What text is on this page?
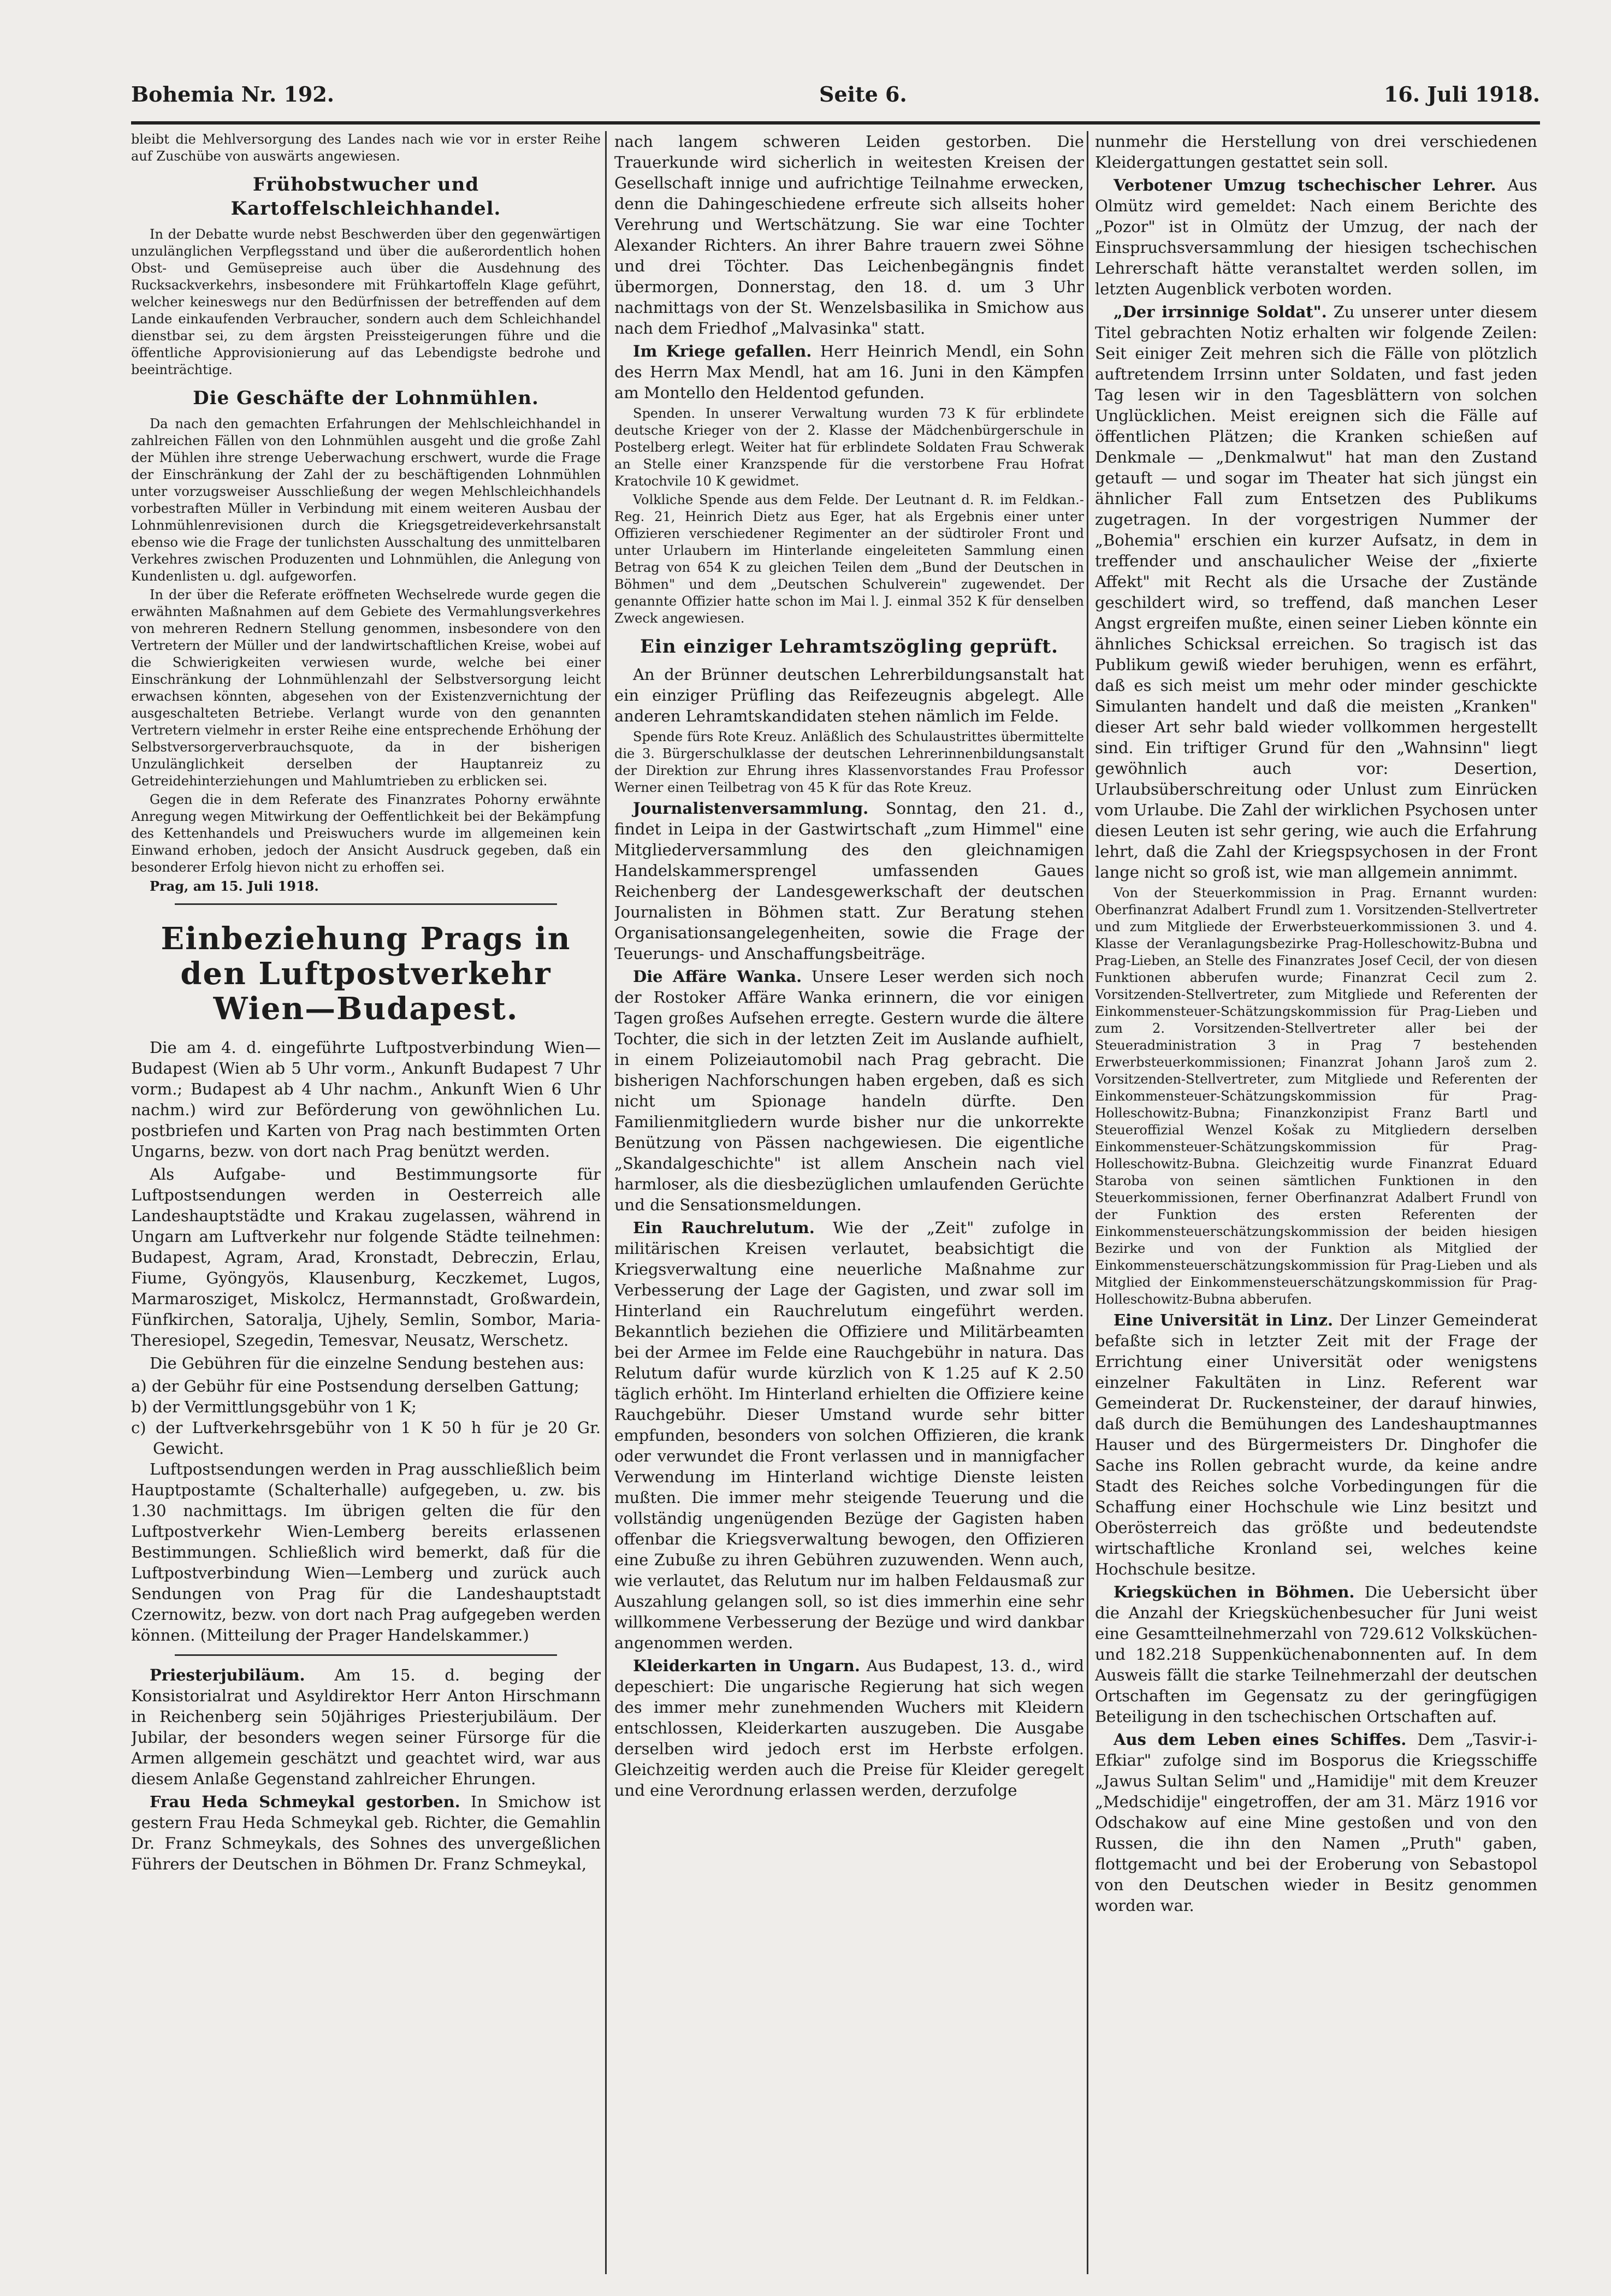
Bohemia Nr. 192.	Seite 6.	16. Juli 1918.

bleibt die Mehlversorgung des Landes nach wie vor in erster Reihe auf Zuschübe von auswärts angewiesen.

Frühobstwucher und Kartoffelschleichhandel.

In der Debatte wurde nebst Beschwerden über den gegenwärtigen unzulänglichen Verpflegsstand und über die außerordentlich hohen Obst- und Gemüsepreise auch über die Ausdehnung des Rucksackverkehrs, insbesondere mit Frühkartoffeln Klage geführt, welcher keineswegs nur den Bedürfnissen der betreffenden auf dem Lande einkaufenden Verbraucher, sondern auch dem Schleichhandel dienstbar sei, zu dem ärgsten Preissteigerungen führe und die öffentliche Approvisionierung auf das Lebendigste bedrohe und beeinträchtige.

Die Geschäfte der Lohnmühlen.

Da nach den gemachten Erfahrungen der Mehlschleichhandel in zahlreichen Fällen von den Lohnmühlen ausgeht und die große Zahl der Mühlen ihre strenge Ueberwachung erschwert, wurde die Frage der Einschränkung der Zahl der zu beschäftigenden Lohnmühlen unter vorzugsweiser Ausschließung der wegen Mehlschleichhandels vorbestraften Müller in Verbindung mit einem weiteren Ausbau der Lohnmühlenrevisionen durch die Kriegsgetreideverkehrsanstalt ebenso wie die Frage der tunlichsten Ausschaltung des unmittelbaren Verkehres zwischen Produzenten und Lohnmühlen, die Anlegung von Kundenlisten u. dgl. aufgeworfen.

In der über die Referate eröffneten Wechselrede wurde gegen die erwähnten Maßnahmen auf dem Gebiete des Vermahlungsverkehres von mehreren Rednern Stellung genommen, insbesondere von den Vertretern der Müller und der landwirtschaftlichen Kreise, wobei auf die Schwierigkeiten verwiesen wurde, welche bei einer Einschränkung der Lohnmühlenzahl der Selbstversorgung leicht erwachsen könnten, abgesehen von der Existenzvernichtung der ausgeschalteten Betriebe. Verlangt wurde von den genannten Vertretern vielmehr in erster Reihe eine entsprechende Erhöhung der Selbstversorgerverbrauchsquote, da in der bisherigen Unzulänglichkeit derselben der Hauptanreiz zu Getreidehinterziehungen und Mahlumtrieben zu erblicken sei.

Gegen die in dem Referate des Finanzrates Pohorny erwähnte Anregung wegen Mitwirkung der Oeffentlichkeit bei der Bekämpfung des Kettenhandels und Preiswuchers wurde im allgemeinen kein Einwand erhoben, jedoch der Ansicht Ausdruck gegeben, daß ein besonderer Erfolg hievon nicht zu erhoffen sei.

Prag, am 15. Juli 1918.

Einbeziehung Prags in den Luftpostverkehr Wien—Budapest.

Die am 4. d. eingeführte Luftpostverbindung Wien—Budapest (Wien ab 5 Uhr vorm., Ankunft Budapest 7 Uhr vorm.; Budapest ab 4 Uhr nachm., Ankunft Wien 6 Uhr nachm.) wird zur Beförderung von gewöhnlichen Lu. postbriefen und Karten von Prag nach bestimmten Orten Ungarns, bezw. von dort nach Prag benützt werden.

Als Aufgabe- und Bestimmungsorte für Luftpostsendungen werden in Oesterreich alle Landeshauptstädte und Krakau zugelassen, während in Ungarn am Luftverkehr nur folgende Städte teilnehmen: Budapest, Agram, Arad, Kronstadt, Debreczin, Erlau, Fiume, Gyöngyös, Klausenburg, Keczkemet, Lugos, Marmarosziget, Miskolcz, Hermannstadt, Großwardein, Fünfkirchen, Satoralja, Ujhely, Semlin, Sombor, Maria-Theresiopel, Szegedin, Temesvar, Neusatz, Werschetz.

Die Gebühren für die einzelne Sendung bestehen aus:

a) der Gebühr für eine Postsendung derselben Gattung;
b) der Vermittlungsgebühr von 1 K;
c) der Luftverkehrsgebühr von 1 K 50 h für je 20 Gr. Gewicht.

Luftpostsendungen werden in Prag ausschließlich beim Hauptpostamte (Schalterhalle) aufgegeben, u. zw. bis 1.30 nachmittags. Im übrigen gelten die für den Luftpostverkehr Wien-Lemberg bereits erlassenen Bestimmungen. Schließlich wird bemerkt, daß für die Luftpostverbindung Wien—Lemberg und zurück auch Sendungen von Prag für die Landeshauptstadt Czernowitz, bezw. von dort nach Prag aufgegeben werden können. (Mitteilung der Prager Handelskammer.)

Priesterjubiläum. Am 15. d. beging der Konsistorialrat und Asyldirektor Herr Anton Hirschmann in Reichenberg sein 50jähriges Priesterjubiläum. Der Jubilar, der besonders wegen seiner Fürsorge für die Armen allgemein geschätzt und geachtet wird, war aus diesem Anlaße Gegenstand zahlreicher Ehrungen.

Frau Heda Schmeykal gestorben. In Smichow ist gestern Frau Heda Schmeykal geb. Richter, die Gemahlin Dr. Franz Schmeykals, des Sohnes des unvergeßlichen Führers der Deutschen in Böhmen Dr. Franz Schmeykal,

nach langem schweren Leiden gestorben. Die Trauerkunde wird sicherlich in weitesten Kreisen der Gesellschaft innige und aufrichtige Teilnahme erwecken, denn die Dahingeschiedene erfreute sich allseits hoher Verehrung und Wertschätzung. Sie war eine Tochter Alexander Richters. An ihrer Bahre trauern zwei Söhne und drei Töchter. Das Leichenbegängnis findet übermorgen, Donnerstag, den 18. d. um 3 Uhr nachmittags von der St. Wenzelsbasilika in Smichow aus nach dem Friedhof „Malvasinka" statt.

Im Kriege gefallen. Herr Heinrich Mendl, ein Sohn des Herrn Max Mendl, hat am 16. Juni in den Kämpfen am Montello den Heldentod gefunden.

Spenden. In unserer Verwaltung wurden 73 K für erblindete deutsche Krieger von der 2. Klasse der Mädchenbürgerschule in Postelberg erlegt. Weiter hat für erblindete Soldaten Frau Schwerak an Stelle einer Kranzspende für die verstorbene Frau Hofrat Kratochvile 10 K gewidmet.

Volkliche Spende aus dem Felde. Der Leutnant d. R. im Feldkan.-Reg. 21, Heinrich Dietz aus Eger, hat als Ergebnis einer unter Offizieren verschiedener Regimenter an der südtiroler Front und unter Urlaubern im Hinterlande eingeleiteten Sammlung einen Betrag von 654 K zu gleichen Teilen dem „Bund der Deutschen in Böhmen" und dem „Deutschen Schulverein" zugewendet. Der genannte Offizier hatte schon im Mai l. J. einmal 352 K für denselben Zweck angewiesen.

Ein einziger Lehramtszögling geprüft.

An der Brünner deutschen Lehrerbildungsanstalt hat ein einziger Prüfling das Reifezeugnis abgelegt. Alle anderen Lehramtskandidaten stehen nämlich im Felde.

Spende fürs Rote Kreuz. Anläßlich des Schulaustrittes übermittelte die 3. Bürgerschulklasse der deutschen Lehrerinnenbildungsanstalt der Direktion zur Ehrung ihres Klassenvorstandes Frau Professor Werner einen Teilbetrag von 45 K für das Rote Kreuz.

Journalistenversammlung. Sonntag, den 21. d., findet in Leipa in der Gastwirtschaft „zum Himmel" eine Mitgliederversammlung des den gleichnamigen Handelskammersprengel umfassenden Gaues Reichenberg der Landesgewerkschaft der deutschen Journalisten in Böhmen statt. Zur Beratung stehen Organisationsangelegenheiten, sowie die Frage der Teuerungs- und Anschaffungsbeiträge.

Die Affäre Wanka. Unsere Leser werden sich noch der Rostoker Affäre Wanka erinnern, die vor einigen Tagen großes Aufsehen erregte. Gestern wurde die ältere Tochter, die sich in der letzten Zeit im Auslande aufhielt, in einem Polizeiautomobil nach Prag gebracht. Die bisherigen Nachforschungen haben ergeben, daß es sich nicht um Spionage handeln dürfte. Den Familienmitgliedern wurde bisher nur die unkorrekte Benützung von Pässen nachgewiesen. Die eigentliche „Skandalgeschichte" ist allem Anschein nach viel harmloser, als die diesbezüglichen umlaufenden Gerüchte und die Sensationsmeldungen.

Ein Rauchrelutum. Wie der „Zeit" zufolge in militärischen Kreisen verlautet, beabsichtigt die Kriegsverwaltung eine neuerliche Maßnahme zur Verbesserung der Lage der Gagisten, und zwar soll im Hinterland ein Rauchrelutum eingeführt werden. Bekanntlich beziehen die Offiziere und Militärbeamten bei der Armee im Felde eine Rauchgebühr in natura. Das Relutum dafür wurde kürzlich von K 1.25 auf K 2.50 täglich erhöht. Im Hinterland erhielten die Offiziere keine Rauchgebühr. Dieser Umstand wurde sehr bitter empfunden, besonders von solchen Offizieren, die krank oder verwundet die Front verlassen und in mannigfacher Verwendung im Hinterland wichtige Dienste leisten mußten. Die immer mehr steigende Teuerung und die vollständig ungenügenden Bezüge der Gagisten haben offenbar die Kriegsverwaltung bewogen, den Offizieren eine Zubuße zu ihren Gebühren zuzuwenden. Wenn auch, wie verlautet, das Relutum nur im halben Feldausmaß zur Auszahlung gelangen soll, so ist dies immerhin eine sehr willkommene Verbesserung der Bezüge und wird dankbar angenommen werden.

Kleiderkarten in Ungarn. Aus Budapest, 13. d., wird depeschiert: Die ungarische Regierung hat sich wegen des immer mehr zunehmenden Wuchers mit Kleidern entschlossen, Kleiderkarten auszugeben. Die Ausgabe derselben wird jedoch erst im Herbste erfolgen. Gleichzeitig werden auch die Preise für Kleider geregelt und eine Verordnung erlassen werden, derzufolge

nunmehr die Herstellung von drei verschiedenen Kleidergattungen gestattet sein soll.

Verbotener Umzug tschechischer Lehrer. Aus Olmütz wird gemeldet: Nach einem Berichte des „Pozor" ist in Olmütz der Umzug, der nach der Einspruchsversammlung der hiesigen tschechischen Lehrerschaft hätte veranstaltet werden sollen, im letzten Augenblick verboten worden.

„Der irrsinnige Soldat". Zu unserer unter diesem Titel gebrachten Notiz erhalten wir folgende Zeilen: Seit einiger Zeit mehren sich die Fälle von plötzlich auftretendem Irrsinn unter Soldaten, und fast jeden Tag lesen wir in den Tagesblättern von solchen Unglücklichen. Meist ereignen sich die Fälle auf öffentlichen Plätzen; die Kranken schießen auf Denkmale — „Denkmalwut" hat man den Zustand getauft — und sogar im Theater hat sich jüngst ein ähnlicher Fall zum Entsetzen des Publikums zugetragen. In der vorgestrigen Nummer der „Bohemia" erschien ein kurzer Aufsatz, in dem in treffender und anschaulicher Weise der „fixierte Affekt" mit Recht als die Ursache der Zustände geschildert wird, so treffend, daß manchen Leser Angst ergreifen mußte, einen seiner Lieben könnte ein ähnliches Schicksal erreichen. So tragisch ist das Publikum gewiß wieder beruhigen, wenn es erfährt, daß es sich meist um mehr oder minder geschickte Simulanten handelt und daß die meisten „Kranken" dieser Art sehr bald wieder vollkommen hergestellt sind. Ein triftiger Grund für den „Wahnsinn" liegt gewöhnlich auch vor: Desertion, Urlaubsüberschreitung oder Unlust zum Einrücken vom Urlaube. Die Zahl der wirklichen Psychosen unter diesen Leuten ist sehr gering, wie auch die Erfahrung lehrt, daß die Zahl der Kriegspsychosen in der Front lange nicht so groß ist, wie man allgemein annimmt.

Von der Steuerkommission in Prag. Ernannt wurden: Oberfinanzrat Adalbert Frundl zum 1. Vorsitzenden-Stellvertreter und zum Mitgliede der Erwerbsteuerkommissionen 3. und 4. Klasse der Veranlagungsbezirke Prag-Holleschowitz-Bubna und Prag-Lieben, an Stelle des Finanzrates Josef Cecil, der von diesen Funktionen abberufen wurde; Finanzrat Cecil zum 2. Vorsitzenden-Stellvertreter, zum Mitgliede und Referenten der Einkommensteuer-Schätzungskommission für Prag-Lieben und zum 2. Vorsitzenden-Stellvertreter aller bei der Steueradministration 3 in Prag 7 bestehenden Erwerbsteuerkommissionen; Finanzrat Johann Jaroš zum 2. Vorsitzenden-Stellvertreter, zum Mitgliede und Referenten der Einkommensteuer-Schätzungskommission für Prag-Holleschowitz-Bubna; Finanzkonzipist Franz Bartl und Steueroffizial Wenzel Košak zu Mitgliedern derselben Einkommensteuer-Schätzungskommission für Prag-Holleschowitz-Bubna. Gleichzeitig wurde Finanzrat Eduard Staroba von seinen sämtlichen Funktionen in den Steuerkommissionen, ferner Oberfinanzrat Adalbert Frundl von der Funktion des ersten Referenten der Einkommensteuerschätzungskommission der beiden hiesigen Bezirke und von der Funktion als Mitglied der Einkommensteuerschätzungskommission für Prag-Lieben und als Mitglied der Einkommensteuerschätzungskommission für Prag-Holleschowitz-Bubna abberufen.

Eine Universität in Linz. Der Linzer Gemeinderat befaßte sich in letzter Zeit mit der Frage der Errichtung einer Universität oder wenigstens einzelner Fakultäten in Linz. Referent war Gemeinderat Dr. Ruckensteiner, der darauf hinwies, daß durch die Bemühungen des Landeshauptmannes Hauser und des Bürgermeisters Dr. Dinghofer die Sache ins Rollen gebracht wurde, da keine andre Stadt des Reiches solche Vorbedingungen für die Schaffung einer Hochschule wie Linz besitzt und Oberösterreich das größte und bedeutendste wirtschaftliche Kronland sei, welches keine Hochschule besitze.

Kriegsküchen in Böhmen. Die Uebersicht über die Anzahl der Kriegsküchenbesucher für Juni weist eine Gesamtteilnehmerzahl von 729.612 Volksküchen- und 182.218 Suppenküchenabonnenten auf. In dem Ausweis fällt die starke Teilnehmerzahl der deutschen Ortschaften im Gegensatz zu der geringfügigen Beteiligung in den tschechischen Ortschaften auf.

Aus dem Leben eines Schiffes. Dem „Tasvir-i-Efkiar" zufolge sind im Bosporus die Kriegsschiffe „Jawus Sultan Selim" und „Hamidije" mit dem Kreuzer „Medschidije" eingetroffen, der am 31. März 1916 vor Odschakow auf eine Mine gestoßen und von den Russen, die ihn den Namen „Pruth" gaben, flottgemacht und bei der Eroberung von Sebastopol von den Deutschen wieder in Besitz genommen worden war.
